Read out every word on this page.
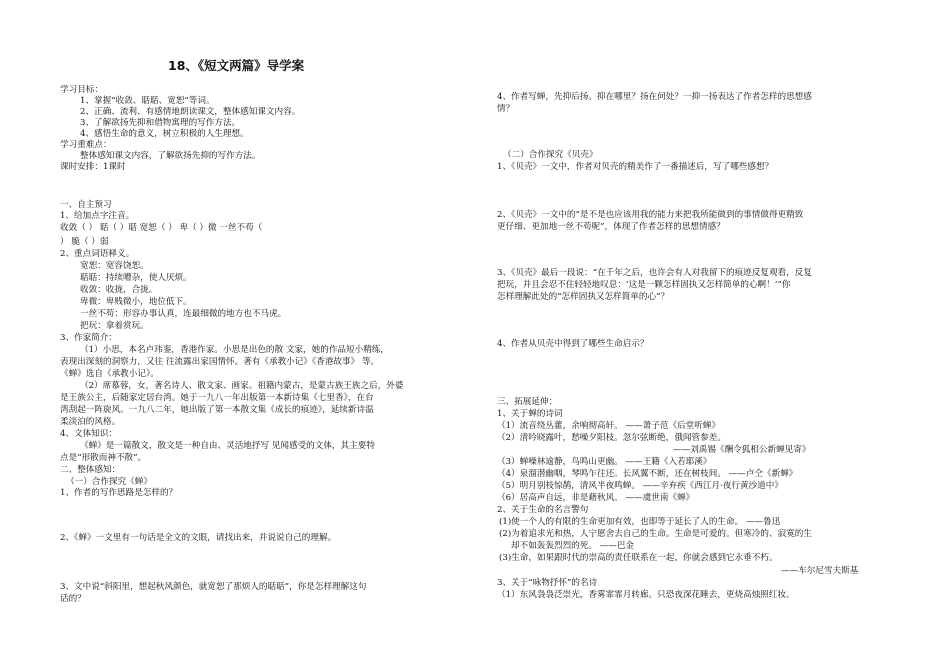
18、《短文两篇》导学案
学习目标：
1、掌握“收敛、聒聒、宽恕”等词。
2、正确、流利、有感情地朗读课文，整体感知课文内容。
3、了解欲扬先抑和借物寓理的写作方法。
4、感悟生命的意义，树立积极的人生理想。
学习重难点：
整体感知课文内容，了解欲扬先抑的写作方法。
课时安排：1课时
一、自主预习
1、给加点字注音。
收敛（ ） 聒（ ）聒 宽恕（ ） 卑（ ）微 一丝不苟（
） 脆（ ）弱
2、重点词语释义。
宽恕：宽容饶恕。
聒聒：持续嘈杂，使人厌烦。
收敛：收拢，合拢。
卑微：卑贱微小，地位低下。
一丝不苟：形容办事认真，连最细微的地方也不马虎。
把玩：拿着赏玩。
3、作家简介：
（1）小思，本名卢玮銮，香港作家。小思是出色的散 文家，她的作品短小精练，
表现出深刻的洞察力，又往 往流露出家国情怀。著有《承教小记》《香港故事》 等。
《蝉》选自《承教小记》。
（2）席慕蓉，女，著名诗人、散文家、画家。祖籍内蒙古，是蒙古族王族之后，外婆
是王族公主，后随家定居台湾。她于一九八一年出版第一本新诗集《七里香》，在台
湾刮起一阵旋风。一九八二年，她出版了第一本散文集《成长的痕迹》，延续新诗温
柔淡泊的风格。
4、文体知识：
《蝉》是一篇散文，散文是一种自由、灵活地抒写 见闻感受的文体，其主要特
点是“形散而神不散”。
二、整体感知：
（一）合作探究《蝉》
1、作者的写作思路是怎样的？
2、《蝉》一文里有一句话是全文的文眼，请找出来，并说说自己的理解。
3、文中说“斜阳里，想起秋风颜色，就宽恕了那烦人的聒聒”，你是怎样理解这句
话的？
4、作者写蝉，先抑后扬。抑在哪里？扬在何处？一抑一扬表达了作者怎样的思想感
情？
（二）合作探究《贝壳》
1、《贝壳》一文中，作者对贝壳的精美作了一番描述后，写了哪些感想？
2、《贝壳》一文中的“是不是也应该用我的能力来把我所能做到的事情做得更精致
更仔细、更加地一丝不苟呢”，体现了作者怎样的思想情感？
3、《贝壳》最后一段说：“在千年之后，也许会有人对我留下的痕迹反复观看，反复
把玩，并且会忍不住轻轻地叹息：‘这是一颗怎样固执又怎样简单的心啊！’”你
怎样理解此处的“怎样固执又怎样简单的心”？
4、作者从贝壳中得到了哪些生命启示？
三、拓展延伸：
1、关于蝉的诗词
（1）流音绕丛藿，余响彻高轩。 ——萧子范《后堂听蝉》
（2）清吟晓露叶，愁噪夕阳枝。忽尔弦断绝，俄闻管参差。
——刘禹锡《酬令狐相公新蝉见寄》
（3）蝉噪林逾静，鸟鸣山更幽。 ——王籍《入若耶溪》
（4）泉溜潜幽咽，琴鸣乍往还。长风翼不断，还在树枝间。 ——卢仝《新蝉》
（5）明月别枝惊鹊，清风半夜鸣蝉。 ——辛弃疾《西江月·夜行黄沙道中》
（6）居高声自远，非是藉秋风。 ——虞世南《蝉》
2、关于生命的名言警句
(1)使一个人的有限的生命更加有效，也即等于延长了人的生命。 ——鲁迅
(2)为着追求光和热，人宁愿舍去自己的生命。生命是可爱的。但寒冷的、寂寞的生
却不如轰轰烈烈的死。 ——巴金
(3)生命，如果跟时代的崇高的责任联系在一起，你就会感到它永垂不朽。
——车尔尼雪夫斯基
3、关于“咏物抒怀”的名诗
（1）东风袅袅泛崇光，香雾霏霏月转廊。只恐夜深花睡去，更烧高烛照红妆。
